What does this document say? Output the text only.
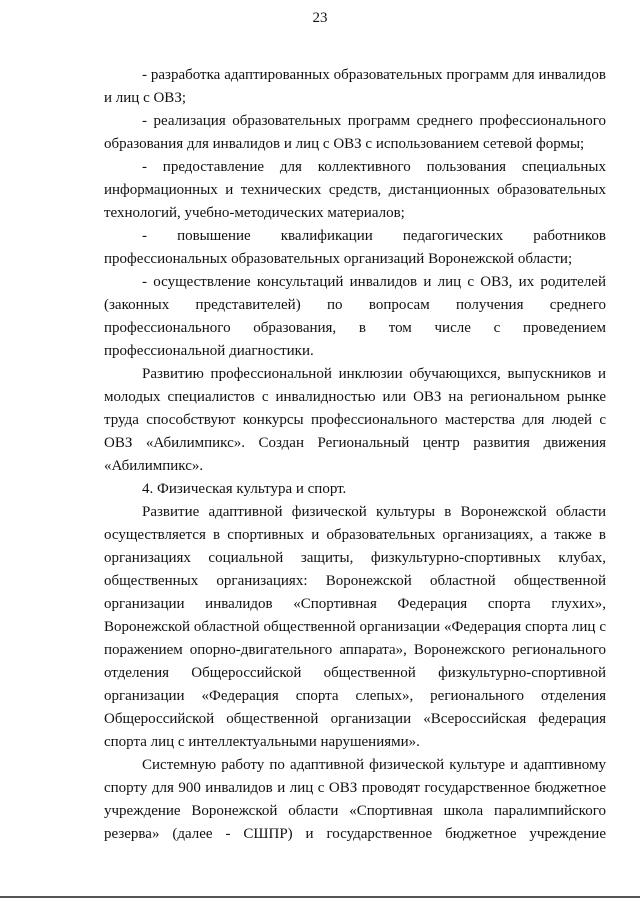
23

- разработка адаптированных образовательных программ для инвалидов и лиц с ОВЗ;

- реализация образовательных программ среднего профессионального образования для инвалидов и лиц с ОВЗ с использованием сетевой формы;

- предоставление для коллективного пользования специальных информационных и технических средств, дистанционных образовательных технологий, учебно-методических материалов;

- повышение квалификации педагогических работников профессиональных образовательных организаций Воронежской области;

- осуществление консультаций инвалидов и лиц с ОВЗ, их родителей (законных представителей) по вопросам получения среднего профессионального образования, в том числе с проведением профессиональной диагностики.

Развитию профессиональной инклюзии обучающихся, выпускников и молодых специалистов с инвалидностью или ОВЗ на региональном рынке труда способствуют конкурсы профессионального мастерства для людей с ОВЗ «Абилимпикс». Создан Региональный центр развития движения «Абилимпикс».

4. Физическая культура и спорт.

Развитие адаптивной физической культуры в Воронежской области осуществляется в спортивных и образовательных организациях, а также в организациях социальной защиты, физкультурно-спортивных клубах, общественных организациях: Воронежской областной общественной организации инвалидов «Спортивная Федерация спорта глухих», Воронежской областной общественной организации «Федерация спорта лиц с поражением опорно-двигательного аппарата», Воронежского регионального отделения Общероссийской общественной физкультурно-спортивной организации «Федерация спорта слепых», регионального отделения Общероссийской общественной организации «Всероссийская федерация спорта лиц с интеллектуальными нарушениями».

Системную работу по адаптивной физической культуре и адаптивному спорту для 900 инвалидов и лиц с ОВЗ проводят государственное бюджетное учреждение Воронежской области «Спортивная школа паралимпийского резерва» (далее - СШПР) и государственное бюджетное учреждение
